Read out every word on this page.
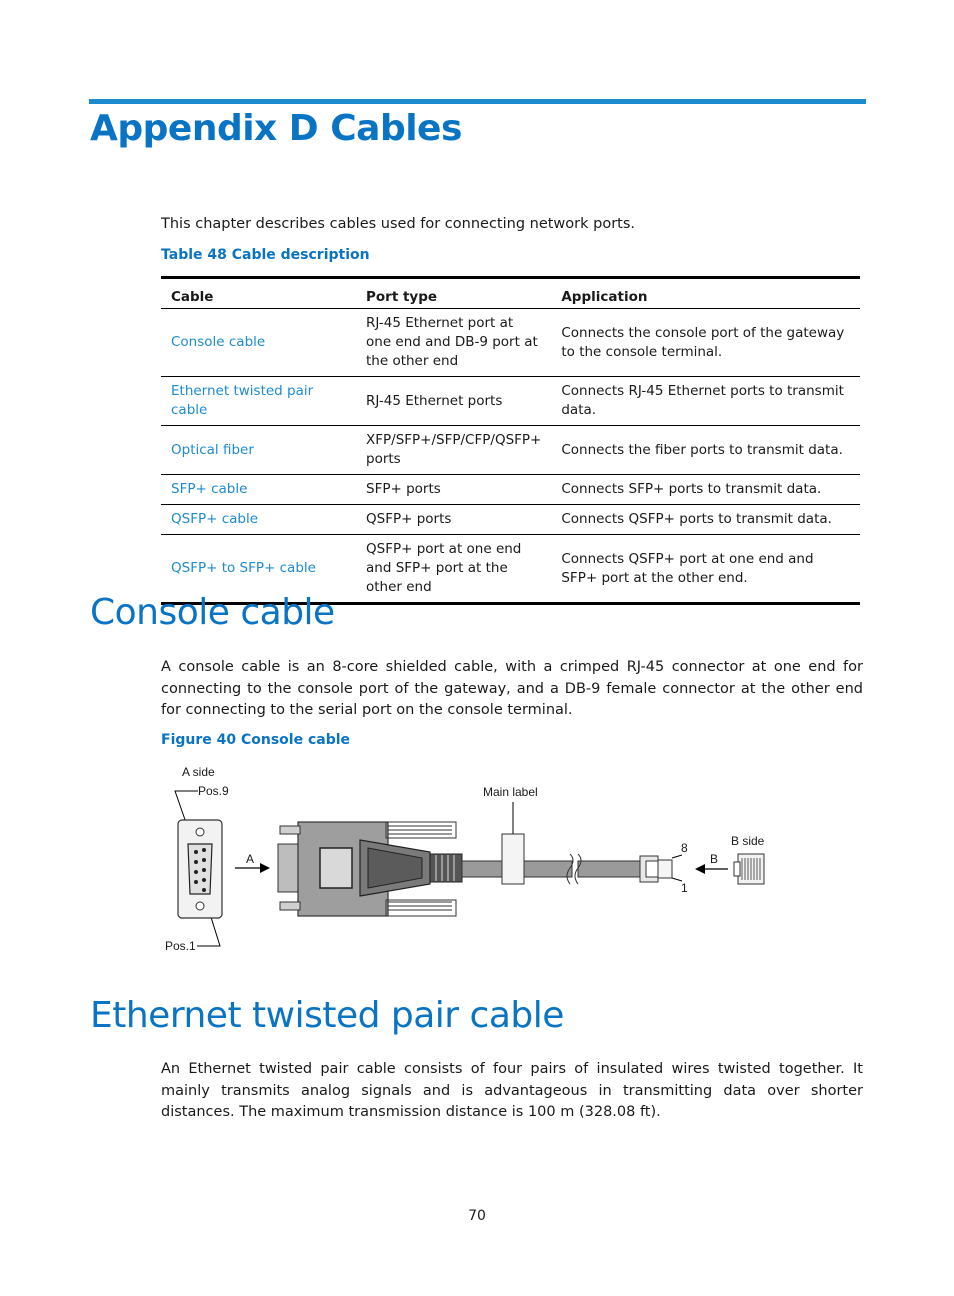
Appendix D Cables

This chapter describes cables used for connecting network ports.

Table 48 Cable description

Cable	Port type	Application
Console cable	RJ-45 Ethernet port at one end and DB-9 port at the other end	Connects the console port of the gateway to the console terminal.
Ethernet twisted pair cable	RJ-45 Ethernet ports	Connects RJ-45 Ethernet ports to transmit data.
Optical fiber	XFP/SFP+/SFP/CFP/QSFP+ ports	Connects the fiber ports to transmit data.
SFP+ cable	SFP+ ports	Connects SFP+ ports to transmit data.
QSFP+ cable	QSFP+ ports	Connects QSFP+ ports to transmit data.
QSFP+ to SFP+ cable	QSFP+ port at one end and SFP+ port at the other end	Connects QSFP+ port at one end and SFP+ port at the other end.
Console cable

A console cable is an 8-core shielded cable, with a crimped RJ-45 connector at one end for connecting to the console port of the gateway, and a DB-9 female connector at the other end for connecting to the serial port on the console terminal.

Figure 40 Console cable

A side
Pos.9
Pos.1
A
Main label
8
1
B
B side
Ethernet twisted pair cable

An Ethernet twisted pair cable consists of four pairs of insulated wires twisted together. It mainly transmits analog signals and is advantageous in transmitting data over shorter distances. The maximum transmission distance is 100 m (328.08 ft).

70
